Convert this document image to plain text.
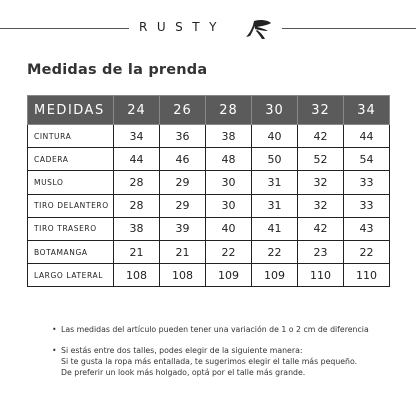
RUSTY
Medidas de la prenda
MEDIDAS	24	26	28	30	32	34
CINTURA	34	36	38	40	42	44
CADERA	44	46	48	50	52	54
MUSLO	28	29	30	31	32	33
TIRO DELANTERO	28	29	30	31	32	33
TIRO TRASERO	38	39	40	41	42	43
BOTAMANGA	21	21	22	22	23	22
LARGO LATERAL	108	108	109	109	110	110
• Las medidas del artículo pueden tener una variación de 1 o 2 cm de diferencia
• Si estás entre dos talles, podes elegir de la siguiente manera:
Si te gusta la ropa más entallada, te sugerimos elegir el talle más pequeño.
De preferir un look más holgado, optá por el talle más grande.
